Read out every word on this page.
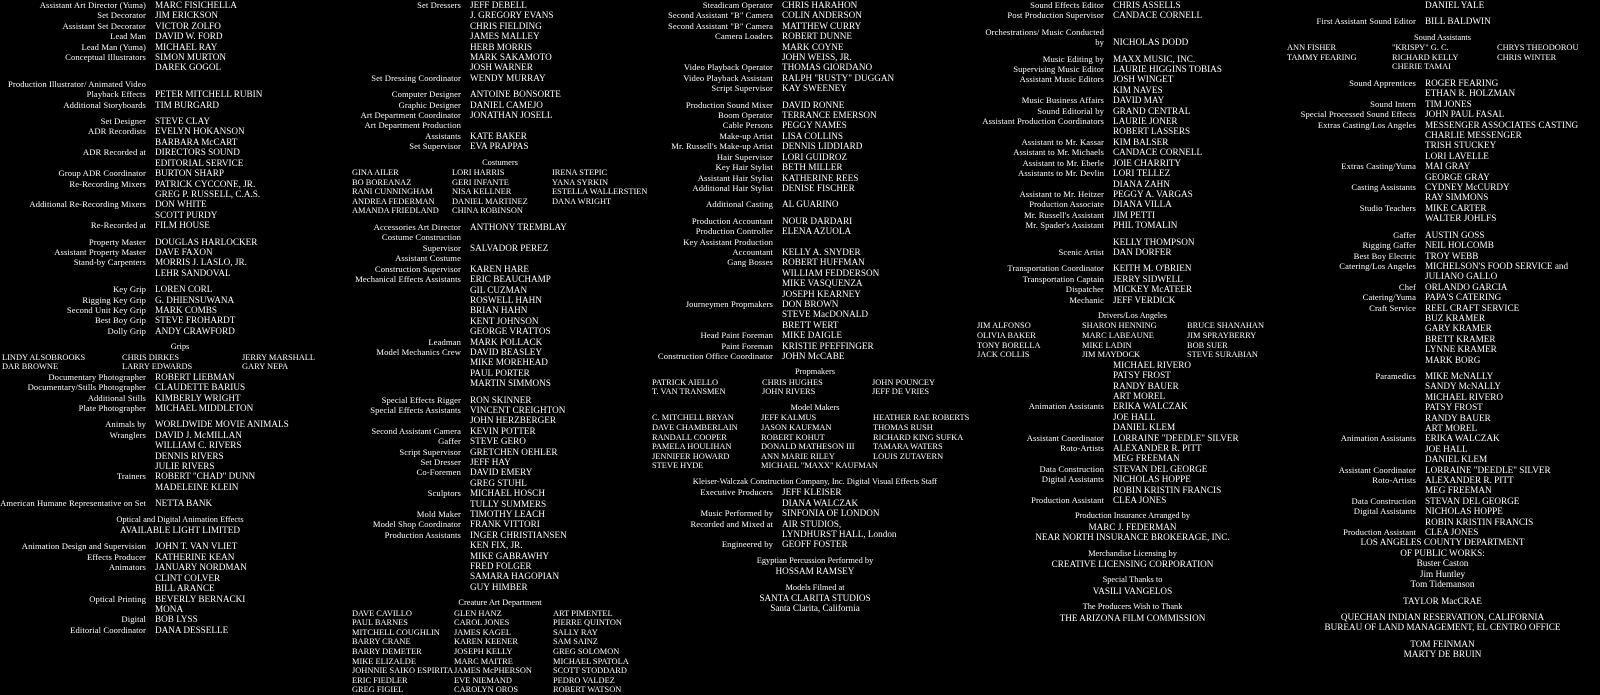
Assistant Art Director (Yuma) MARC FISICHELLA
Set Decorator JIM ERICKSON
Assistant Set Decorator VICTOR ZOLFO
Lead Man DAVID W. FORD
Lead Man (Yuma) MICHAEL RAY
Conceptual Illustrators SIMON MURTON
DAREK GOGOL
Production Illustrator/ Animated Video Playback Effects
PETER MITCHELL RUBIN
Additional Storyboards TIM BURGARD
Set Designer STEVE CLAY
ADR Recordists EVELYN HOKANSON
BARBARA McCART
ADR Recorded at DIRECTORS SOUND
EDITORIAL SERVICE
Group ADR Coordinator BURTON SHARP
Re-Recording Mixers PATRICK CYCCONE, JR.
GREG P. RUSSELL, C.A.S.
Additional Re-Recording Mixers DON WHITE
SCOTT PURDY
Re-Recorded at FILM HOUSE
Property Master DOUGLAS HARLOCKER
Assistant Property Master DAVE FAXON
Stand-by Carpenters MORRIS J. LASLO, JR.
LEHR SANDOVAL
Key Grip LOREN CORL
Rigging Key Grip G. DHIENSUWANA
Second Unit Key Grip MARK COMBS
Best Boy Grip STEVE FROHARDT
Dolly Grip ANDY CRAWFORD
Grips
LINDY ALSOBROOKS
DAR BROWNE
CHRIS DIRKES
LARRY EDWARDS
JERRY MARSHALL
GARY NEPA
Documentary Photographer ROBERT LIEBMAN
Documentary/Stills Photographer CLAUDETTE BARIUS
Additional Stills KIMBERLY WRIGHT
Plate Photographer MICHAEL MIDDLETON
Animals by WORLDWIDE MOVIE ANIMALS
Wranglers DAVID J. McMILLAN
WILLIAM C. RIVERS
DENNIS RIVERS
JULIE RIVERS
Trainers ROBERT "CHAD" DUNN
MADELEINE KLEIN
American Humane Representative on Set NETTA BANK
Optical and Digital Animation Effects
AVAILABLE LIGHT LIMITED
Animation Design and Supervision JOHN T. VAN VLIET
Effects Producer KATHERINE KEAN
Animators JANUARY NORDMAN
CLINT COLVER
BILL ARANCE
Optical Printing BEVERLY BERNACKI
MONA
Digital BOB LYSS
Editorial Coordinator DANA DESSELLE
Set Dressers JEFF DEBELL
J. GREGORY EVANS
CHRIS FIELDING
JAMES MALLEY
HERB MORRIS
MARK SAKAMOTO
JOSH WARNER
Set Dressing Coordinator WENDY MURRAY
Computer Designer ANTOINE BONSORTE
Graphic Designer DANIEL CAMEJO
Art Department Coordinator JONATHAN JOSELL
Art Department Production Assistants
KATE BAKER
Set Supervisor EVA PRAPPAS
Costumers
GINA AILER
BO BOREANAZ
RANI CUNNINGHAM
ANDREA FEDERMAN
AMANDA FRIEDLAND
LORI HARRIS
GERI INFANTE
NISA KELLNER
DANIEL MARTINEZ
CHINA ROBINSON
IRENA STEPIC
YANA SYRKIN
ESTELLA WALLERSTIEN
DANA WRIGHT
Accessories Art Director ANTHONY TREMBLAY
Costume Construction Supervisor
SALVADOR PEREZ
Assistant Costume Construction Supervisor
KAREN HARE
Mechanical Effects Assistants ERIC BEAUCHAMP
GIL CUZMAN
ROSWELL HAHN
BRIAN HAHN
KENT JOHNSON
GEORGE VRATTOS
Leadman MARK POLLACK
Model Mechanics Crew DAVID BEASLEY
MIKE MOREHEAD
PAUL PORTER
MARTIN SIMMONS
Special Effects Rigger RON SKINNER
Special Effects Assistants VINCENT CREIGHTON
JOHN HERZBERGER
Second Assistant Camera KEVIN POTTER
Gaffer STEVE GERO
Script Supervisor GRETCHEN OEHLER
Set Dresser JEFF HAY
Co-Foremen DAVID EMERY
GREG STUHL
Sculptors MICHAEL HOSCH
TULLY SUMMERS
Mold Maker TIMOTHY LEACH
Model Shop Coordinator FRANK VITTORI
Production Assistants INGER CHRISTIANSEN
KEN FIX, JR.
MIKE GABRAWHY
FRED FOLGER
SAMARA HAGOPIAN
GUY HIMBER
Creature Art Department
DAVE CAVILLO
PAUL BARNES
MITCHELL COUGHLIN
BARRY CRANE
BARRY DEMETER
MIKE ELIZALDE
JOHNNIE SAIKO ESPIRITA
ERIC FIEDLER
GREG FIGIEL
GLEN HANZ
CAROL JONES
JAMES KAGEL
KAREN KEENER
JOSEPH KELLY
MARC MAITRE
JAMES McPHERSON
EVE NIEMAND
CAROLYN OROS
ART PIMENTEL
PIERRE QUINTON
SALLY RAY
SAM SAINZ
GREG SOLOMON
MICHAEL SPATOLA
SCOTT STODDARD
PEDRO VALDEZ
ROBERT WATSON
Steadicam Operator CHRIS HARAHON
Second Assistant "B" Camera COLIN ANDERSON
Second Assistant "B" Camera MATTHEW CURRY
Camera Loaders ROBERT DUNNE
MARK COYNE
JOHN WEISS, JR.
Video Playback Operator THOMAS GIORDANO
Video Playback Assistant RALPH "RUSTY" DUGGAN
Script Supervisor KAY SWEENEY
Production Sound Mixer DAVID RONNE
Boom Operator TERRANCE EMERSON
Cable Persons PEGGY NAMES
Make-up Artist LISA COLLINS
Mr. Russell's Make-up Artist DENNIS LIDDIARD
Hair Supervisor LORI GUIDROZ
Key Hair Stylist BETH MILLER
Assistant Hair Stylist KATHERINE REES
Additional Hair Stylist DENISE FISCHER
Additional Casting AL GUARINO
Production Accountant NOUR DARDARI
Production Controller ELENA AZUOLA
Key Assistant Production Accountant
KELLY A. SNYDER
Gang Bosses ROBERT HUFFMAN
WILLIAM FEDDERSON
MIKE VASQUENZA
JOSEPH KEARNEY
Journeymen Propmakers DON BROWN
STEVE MacDONALD
BRETT WERT
Head Paint Foreman MIKE DAIGLE
Paint Foreman KRISTIE PFEFFINGER
Construction Office Coordinator JOHN McCABE
Propmakers
PATRICK AIELLO
T. VAN TRANSMEN
CHRIS HUGHES
JOHN RIVERS
JOHN POUNCEY
JEFF DE VRIES
Model Makers
C. MITCHELL BRYAN
DAVE CHAMBERLAIN
RANDALL COOPER
PAMELA HOULIHAN
JENNIFER HOWARD
STEVE HYDE
JEFF KALMUS
JASON KAUFMAN
ROBERT KOHUT
DONALD MATHESON III
ANN MARIE RILEY
MICHAEL "MAXX" KAUFMAN
HEATHER RAE ROBERTS
THOMAS RUSH
RICHARD KING SUFKA
TAMARA WATERS
LOUIS ZUTAVERN
Kleiser-Walczak Construction Company, Inc. Digital Visual Effects Staff
Executive Producers JEFF KLEISER
DIANA WALCZAK
Music Performed by SINFONIA OF LONDON
Recorded and Mixed at AIR STUDIOS,
LYNDHURST HALL, London
Engineered by GEOFF FOSTER
Egyptian Percussion Performed by
HOSSAM RAMSEY
Models Filmed at
SANTA CLARITA STUDIOS
Santa Clarita, California
Sound Effects Editor CHRIS ASSELLS
Post Production Supervisor CANDACE CORNELL
Orchestrations/ Music Conducted by
NICHOLAS DODD
Music Editing by MAXX MUSIC, INC.
Supervising Music Editor LAURIE HIGGINS TOBIAS
Assistant Music Editors JOSH WINGET
KIM NAVES
Music Business Affairs DAVID MAY
Sound Editorial by GRAND CENTRAL
Assistant Production Coordinators LAURIE JONER
ROBERT LASSERS
Assistant to Mr. Kassar KIM BALSER
Assistant to Mr. Michaels CANDACE CORNELL
Assistant to Mr. Eberle JOIE CHARRITY
Assistants to Mr. Devlin LORI TELLEZ
DIANA ZAHN
Assistant to Mr. Heitzer PEGGY A. VARGAS
Production Associate DIANA VILLA
Mr. Russell's Assistant JIM PETTI
Mr. Spader's Assistant PHIL TOMALIN
KELLY THOMPSON
Scenic Artist DAN DORFER
Transportation Coordinator KEITH M. O'BRIEN
Transportation Captain JERRY SIDWELL
Dispatcher MICKEY McATEER
Mechanic JEFF VERDICK
Drivers/Los Angeles
JIM ALFONSO
OLIVIA BAKER
TONY BORELLA
JACK COLLIS
SHARON HENNING
MARC LABEAUNE
MIKE LADIN
JIM MAYDOCK
BRUCE SHANAHAN
JIM SPRAYBERRY
BOB SUER
STEVE SURABIAN
MICHAEL RIVERO
PATSY FROST
RANDY BAUER
ART MOREL
Animation Assistants ERIKA WALCZAK
JOE HALL
DANIEL KLEM
Assistant Coordinator LORRAINE "DEEDLE" SILVER
Roto-Artists ALEXANDER R. PITT
MEG FREEMAN
Data Construction STEVAN DEL GEORGE
Digital Assistants NICHOLAS HOPPE
ROBIN KRISTIN FRANCIS
Production Assistant CLEA JONES
Production Insurance Arranged by
MARC J. FEDERMAN
NEAR NORTH INSURANCE BROKERAGE, INC.
Merchandise Licensing by
CREATIVE LICENSING CORPORATION
Special Thanks to
VASILI VANGELOS
The Producers Wish to Thank
THE ARIZONA FILM COMMISSION
DANIEL YALE
First Assistant Sound Editor BILL BALDWIN
Sound Assistants
ANN FISHER
TAMMY FEARING
"KRISPY" G. C.
RICHARD KELLY
CHERIE TAMAI
CHRYS THEODOROU
CHRIS WINTER
Sound Apprentices ROGER FEARING
ETHAN R. HOLZMAN
Sound Intern TIM JONES
Special Processed Sound Effects JOHN PAUL FASAL
Extras Casting/Los Angeles MESSENGER ASSOCIATES CASTING
CHARLIE MESSENGER
TRISH STUCKEY
LORI LAVELLE
Extras Casting/Yuma MAI GRAY
GEORGE GRAY
Casting Assistants CYDNEY McCURDY
RAY SIMMONS
Studio Teachers MIKE CARTER
WALTER JOHLFS
Gaffer AUSTIN GOSS
Rigging Gaffer NEIL HOLCOMB
Best Boy Electric TROY WEBB
Catering/Los Angeles MICHELSON'S FOOD SERVICE and
JULIANO GALLO
Chef ORLANDO GARCIA
Catering/Yuma PAPA'S CATERING
Craft Service REEL CRAFT SERVICE
BUZ KRAMER
GARY KRAMER
BRETT KRAMER
LYNNE KRAMER
MARK BORG
Paramedics MIKE McNALLY
SANDY McNALLY
MICHAEL RIVERO
PATSY FROST
RANDY BAUER
ART MOREL
Animation Assistants ERIKA WALCZAK
JOE HALL
DANIEL KLEM
Assistant Coordinator LORRAINE "DEEDLE" SILVER
Roto-Artists ALEXANDER R. PITT
MEG FREEMAN
Data Construction STEVAN DEL GEORGE
Digital Assistants NICHOLAS HOPPE
ROBIN KRISTIN FRANCIS
Production Assistant CLEA JONES
LOS ANGELES COUNTY DEPARTMENT
OF PUBLIC WORKS:
Buster Caston
Jim Huntley
Tom Tidemanson
TAYLOR MacCRAE
QUECHAN INDIAN RESERVATION, CALIFORNIA
BUREAU OF LAND MANAGEMENT, EL CENTRO OFFICE
TOM FEINMAN
MARTY DE BRUIN
